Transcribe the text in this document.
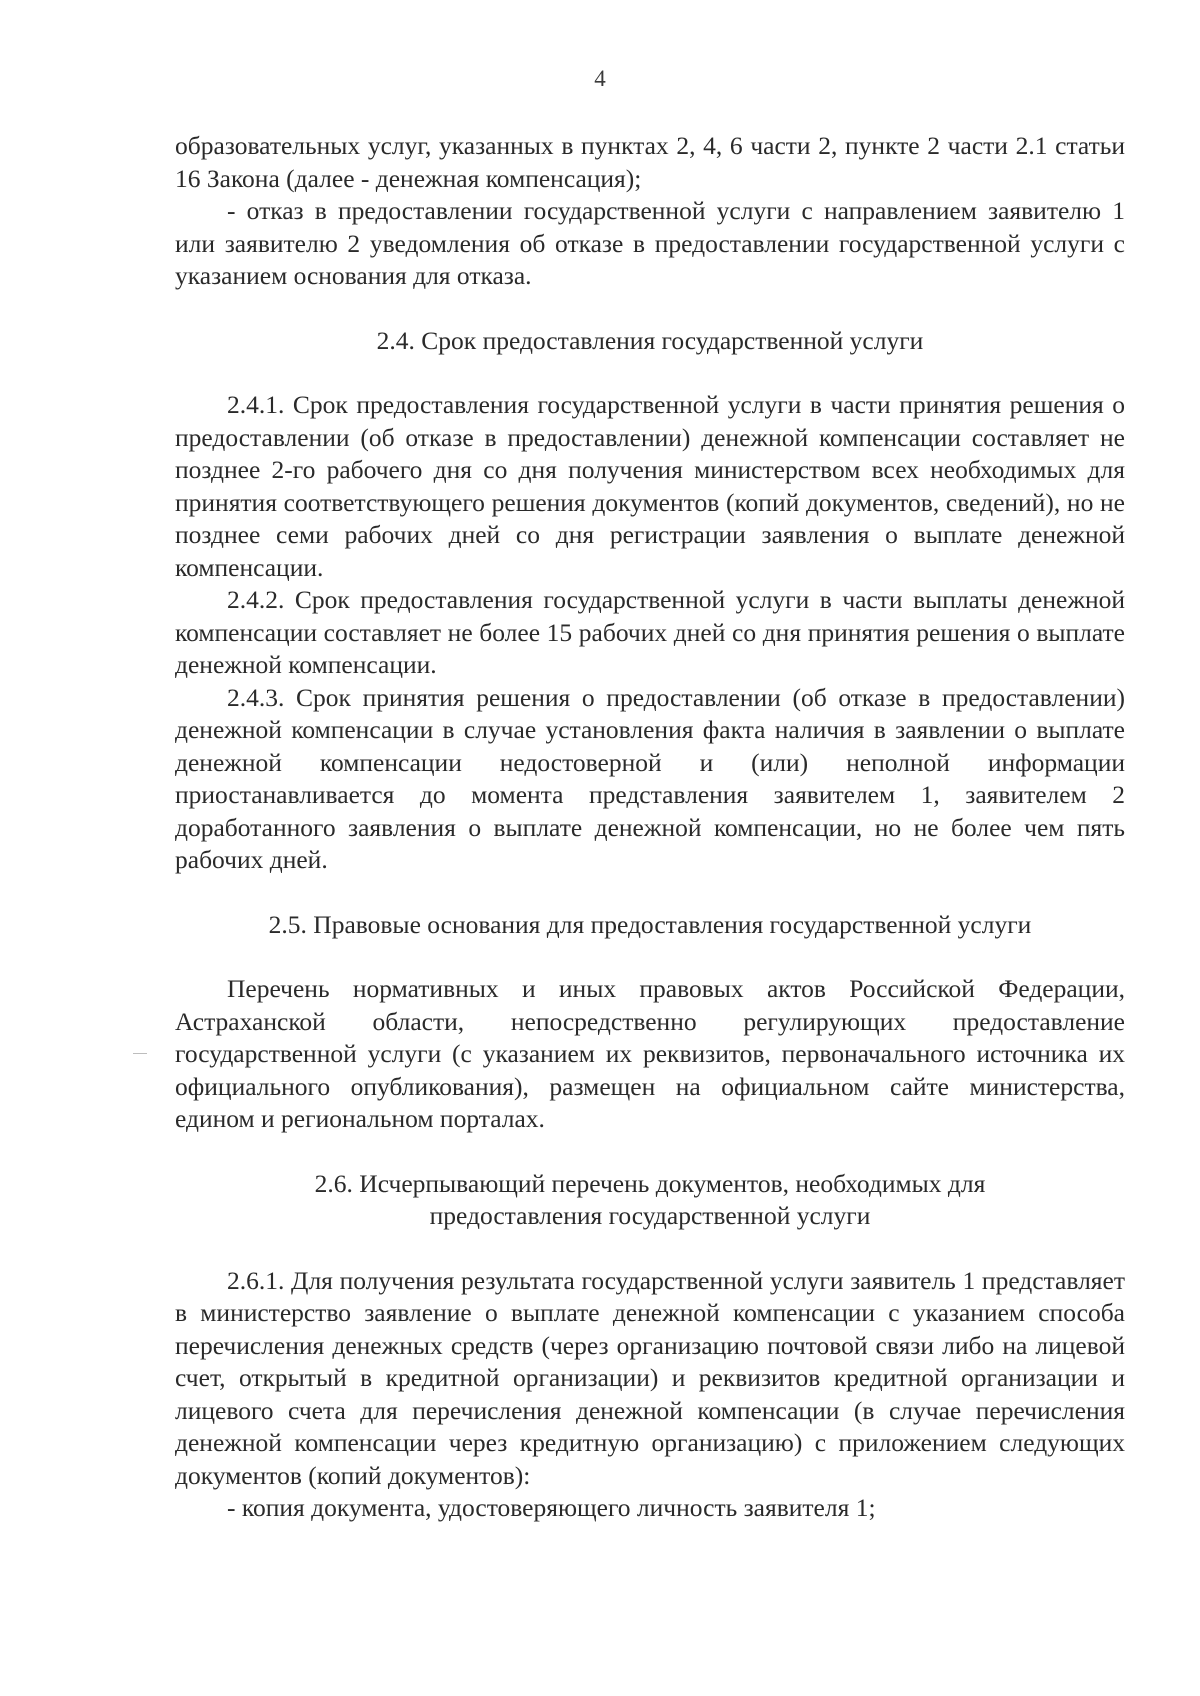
4

образовательных услуг, указанных в пунктах 2, 4, 6 части 2, пункте 2 части 2.1 статьи 16 Закона (далее - денежная компенсация);

- отказ в предоставлении государственной услуги с направлением заявителю 1 или заявителю 2 уведомления об отказе в предоставлении государственной услуги с указанием основания для отказа.

2.4. Срок предоставления государственной услуги

2.4.1. Срок предоставления государственной услуги в части принятия решения о предоставлении (об отказе в предоставлении) денежной компенсации составляет не позднее 2-го рабочего дня со дня получения министерством всех необходимых для принятия соответствующего решения документов (копий документов, сведений), но не позднее семи рабочих дней со дня регистрации заявления о выплате денежной компенсации.

2.4.2. Срок предоставления государственной услуги в части выплаты денежной компенсации составляет не более 15 рабочих дней со дня принятия решения о выплате денежной компенсации.

2.4.3. Срок принятия решения о предоставлении (об отказе в предоставлении) денежной компенсации в случае установления факта наличия в заявлении о выплате денежной компенсации недостоверной и (или) неполной информации приостанавливается до момента представления заявителем 1, заявителем 2 доработанного заявления о выплате денежной компенсации, но не более чем пять рабочих дней.

2.5. Правовые основания для предоставления государственной услуги

Перечень нормативных и иных правовых актов Российской Федерации, Астраханской области, непосредственно регулирующих предоставление государственной услуги (с указанием их реквизитов, первоначального источника их официального опубликования), размещен на официальном сайте министерства, едином и региональном порталах.

2.6. Исчерпывающий перечень документов, необходимых для

предоставления государственной услуги

2.6.1. Для получения результата государственной услуги заявитель 1 представляет в министерство заявление о выплате денежной компенсации с указанием способа перечисления денежных средств (через организацию почтовой связи либо на лицевой счет, открытый в кредитной организации) и реквизитов кредитной организации и лицевого счета для перечисления денежной компенсации (в случае перечисления денежной компенсации через кредитную организацию) с приложением следующих документов (копий документов):

- копия документа, удостоверяющего личность заявителя 1;
